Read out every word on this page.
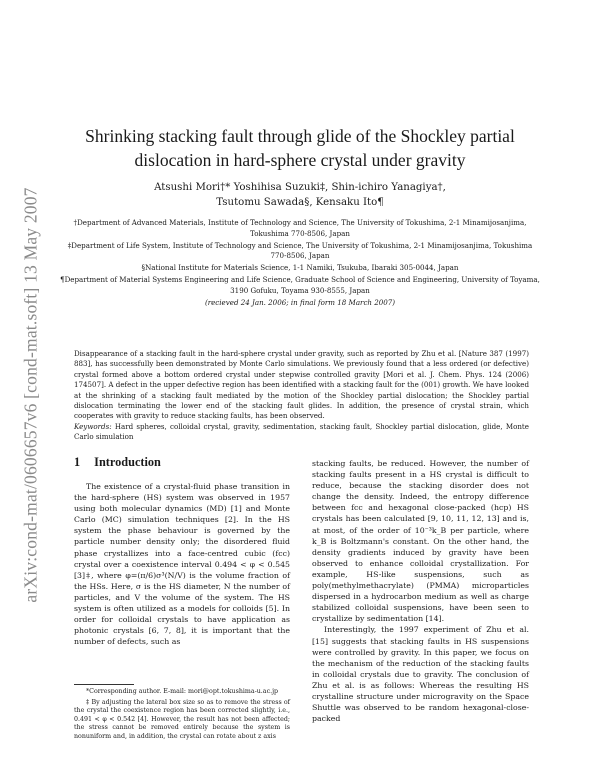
arXiv:cond-mat/0606657v6 [cond-mat.soft] 13 May 2007
Shrinking stacking fault through glide of the Shockley partial dislocation in hard-sphere crystal under gravity
Atsushi Mori†* Yoshihisa Suzuki‡, Shin-ichiro Yanagiya†,
Tsutomu Sawada§, Kensaku Ito¶

†Department of Advanced Materials, Institute of Technology and Science, The University of Tokushima, 2-1 Minamijosanjima, Tokushima 770-8506, Japan

‡Department of Life System, Institute of Technology and Science, The University of Tokushima, 2-1 Minamijosanjima, Tokushima 770-8506, Japan

§National Institute for Materials Science, 1-1 Namiki, Tsukuba, Ibaraki 305-0044, Japan

¶Department of Material Systems Engineering and Life Science, Graduate School of Science and Engineering, University of Toyama, 3190 Gofuku, Toyama 930-8555, Japan

(recieved 24 Jan. 2006; in final form 18 March 2007)

Disappearance of a stacking fault in the hard-sphere crystal under gravity, such as reported by Zhu et al. [Nature 387 (1997) 883], has successfully been demonstrated by Monte Carlo simulations. We previously found that a less ordered (or defective) crystal formed above a bottom ordered crystal under stepwise controlled gravity [Mori et al. J. Chem. Phys. 124 (2006) 174507]. A defect in the upper defective region has been identified with a stacking fault for the (001) growth. We have looked at the shrinking of a stacking fault mediated by the motion of the Shockley partial dislocation; the Shockley partial dislocation terminating the lower end of the stacking fault glides. In addition, the presence of crystal strain, which cooperates with gravity to reduce stacking faults, has been observed.

Keywords: Hard spheres, colloidal crystal, gravity, sedimentation, stacking fault, Shockley partial dislocation, glide, Monte Carlo simulation

1 Introduction

The existence of a crystal-fluid phase transition in the hard-sphere (HS) system was observed in 1957 using both molecular dynamics (MD) [1] and Monte Carlo (MC) simulation techniques [2]. In the HS system the phase behaviour is governed by the particle number density only; the disordered fluid phase crystallizes into a face-centred cubic (fcc) crystal over a coexistence interval 0.494 < φ < 0.545 [3]‡, where φ=(π/6)σ³(N/V) is the volume fraction of the HSs. Here, σ is the HS diameter, N the number of particles, and V the volume of the system. The HS system is often utilized as a models for colloids [5]. In order for colloidal crystals to have application as photonic crystals [6, 7, 8], it is important that the number of defects, such as

*Corresponding author. E-mail: mori@opt.tokushima-u.ac.jp

‡ By adjusting the lateral box size so as to remove the stress of the crystal the coexistence region has been corrected slightly, i.e., 0.491 < φ < 0.542 [4]. However, the result has not been affected; the stress cannot be removed entirely because the system is nonuniform and, in addition, the crystal can rotate about z axis

stacking faults, be reduced. However, the number of stacking faults present in a HS crystal is difficult to reduce, because the stacking disorder does not change the density. Indeed, the entropy difference between fcc and hexagonal close-packed (hcp) HS crystals has been calculated [9, 10, 11, 12, 13] and is, at most, of the order of 10⁻³k_B per particle, where k_B is Boltzmann's constant. On the other hand, the density gradients induced by gravity have been observed to enhance colloidal crystallization. For example, HS-like suspensions, such as poly(methylmethacrylate) (PMMA) microparticles dispersed in a hydrocarbon medium as well as charge stabilized colloidal suspensions, have been seen to crystallize by sedimentation [14].

Interestingly, the 1997 experiment of Zhu et al. [15] suggests that stacking faults in HS suspensions were controlled by gravity. In this paper, we focus on the mechanism of the reduction of the stacking faults in colloidal crystals due to gravity. The conclusion of Zhu et al. is as follows: Whereas the resulting HS crystalline structure under microgravity on the Space Shuttle was observed to be random hexagonal-close-packed
